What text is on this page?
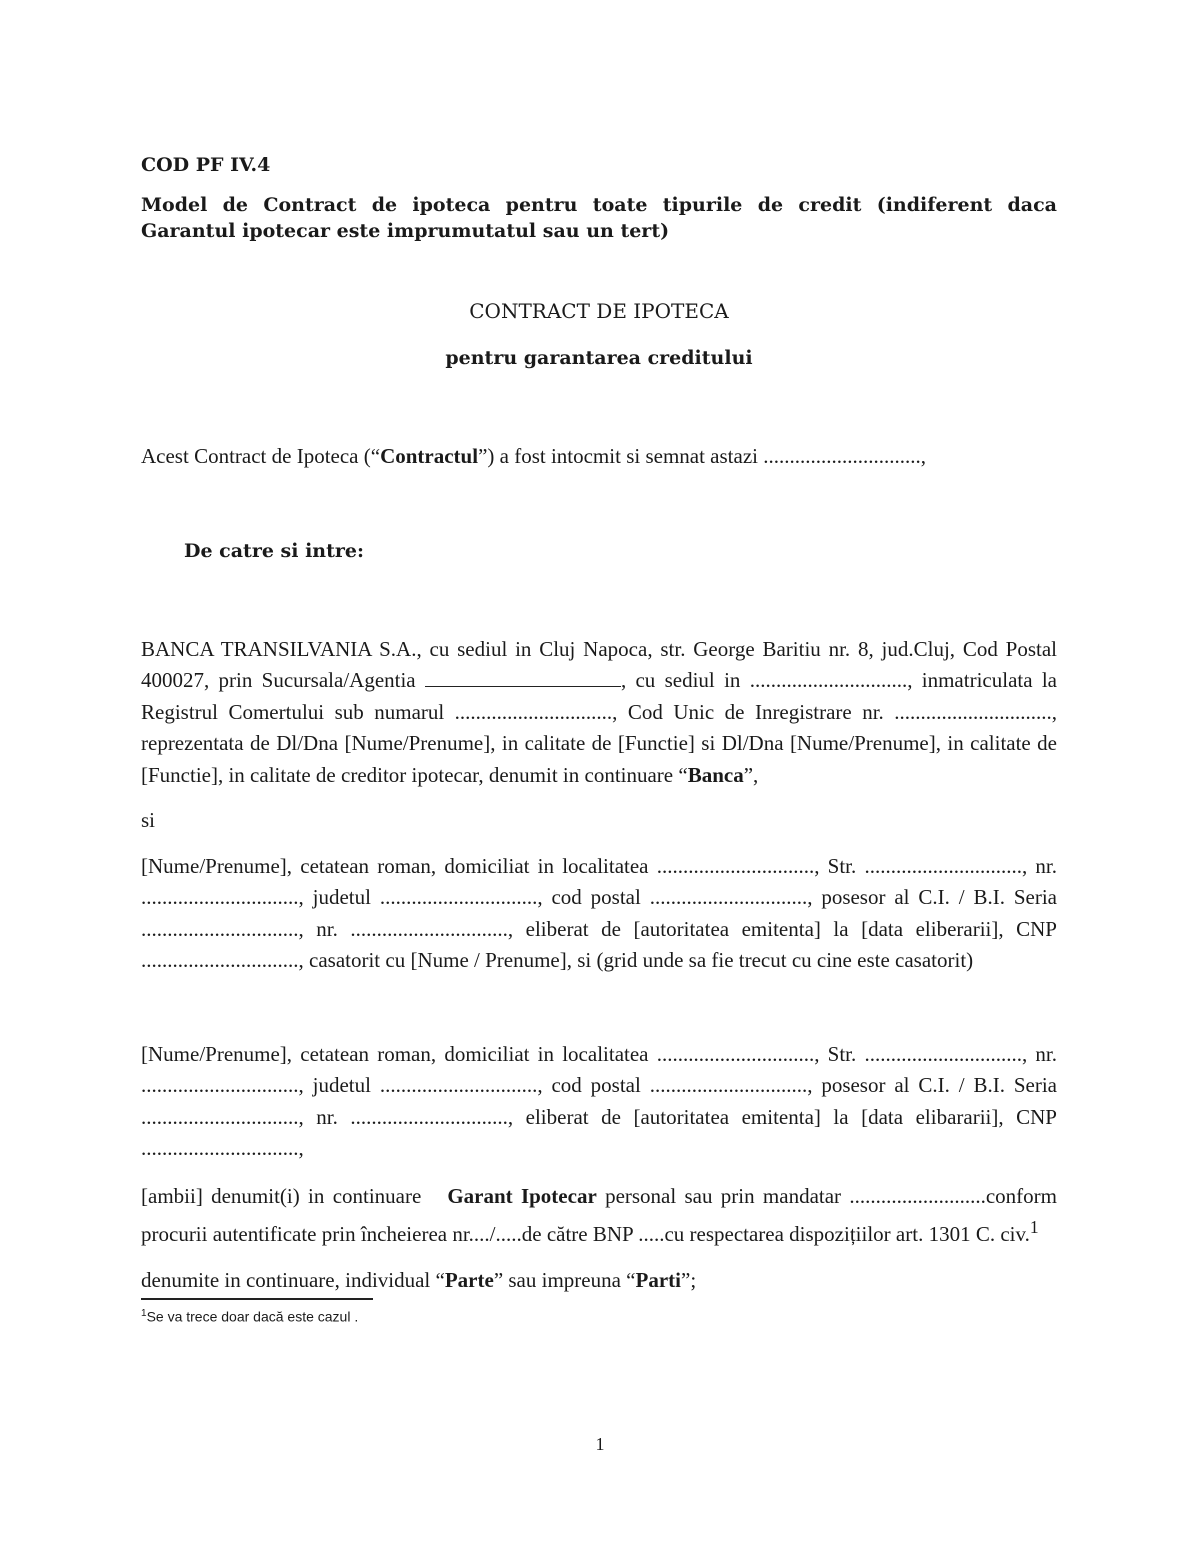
COD PF IV.4

Model de Contract de ipoteca pentru toate tipurile de credit (indiferent daca Garantul ipotecar este imprumutatul sau un tert)

CONTRACT DE IPOTECA

pentru garantarea creditului

Acest Contract de Ipoteca (“Contractul”) a fost intocmit si semnat astazi ..............................,

De catre si intre:

BANCA TRANSILVANIA S.A., cu sediul in Cluj Napoca, str. George Baritiu nr. 8, jud.Cluj, Cod Postal 400027, prin Sucursala/Agentia	, cu sediul in .............................., inmatriculata la Registrul Comertului sub numarul .............................., Cod Unic de Inregistrare nr. .............................., reprezentata de Dl/Dna [Nume/Prenume], in calitate de [Functie] si Dl/Dna [Nume/Prenume], in calitate de [Functie], in calitate de creditor ipotecar, denumit in continuare “Banca”,

si

[Nume/Prenume], cetatean roman, domiciliat in localitatea .............................., Str. .............................., nr. .............................., judetul .............................., cod postal .............................., posesor al C.I. / B.I. Seria .............................., nr. .............................., eliberat de [autoritatea emitenta] la [data eliberarii], CNP .............................., casatorit cu [Nume / Prenume], si (grid unde sa fie trecut cu cine este casatorit)

[Nume/Prenume], cetatean roman, domiciliat in localitatea .............................., Str. .............................., nr. .............................., judetul .............................., cod postal .............................., posesor al C.I. / B.I. Seria .............................., nr. .............................., eliberat de [autoritatea emitenta] la [data elibararii], CNP ..............................,

[ambii] denumit(i) in continuare Garant Ipotecar personal sau prin mandatar ..........................conform procurii autentificate prin încheierea nr..../.....de către BNP .....cu respectarea dispozițiilor art. 1301 C. civ.$^1$

denumite in continuare, individual “Parte” sau impreuna “Parti”;

$^1$Se va trece doar dacă este cazul .
1
